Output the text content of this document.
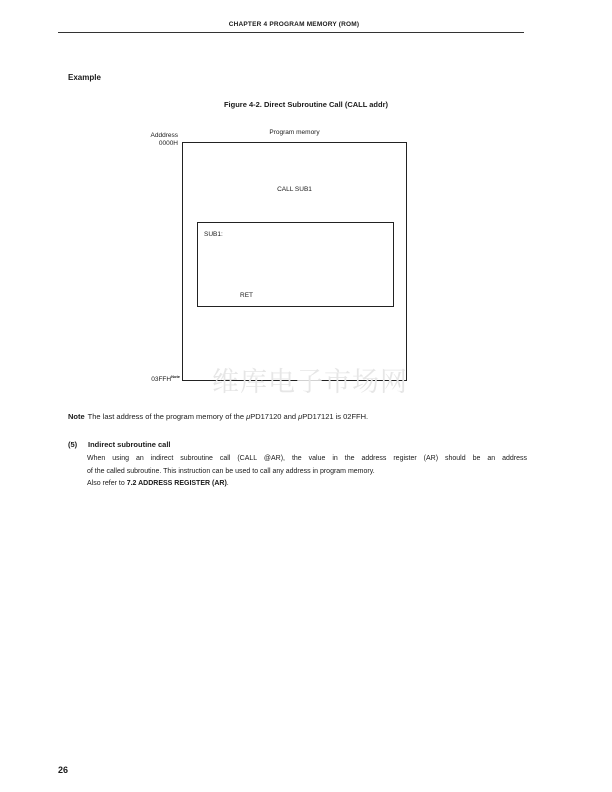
CHAPTER 4 PROGRAM MEMORY (ROM)
Example
Figure 4-2. Direct Subroutine Call (CALL addr)
Adddress
0000H
Program memory
CALL SUB1
SUB1:
RET
$03FFH^{Note}$	维库电子市场网
Note The last address of the program memory of the μPD17120 and μPD17121 is 02FFH.
(5) Indirect subroutine call
When using an indirect subroutine call (CALL @AR), the value in the address register (AR) should be an address
of the called subroutine. This instruction can be used to call any address in program memory.
Also refer to 7.2 ADDRESS REGISTER (AR).
26
